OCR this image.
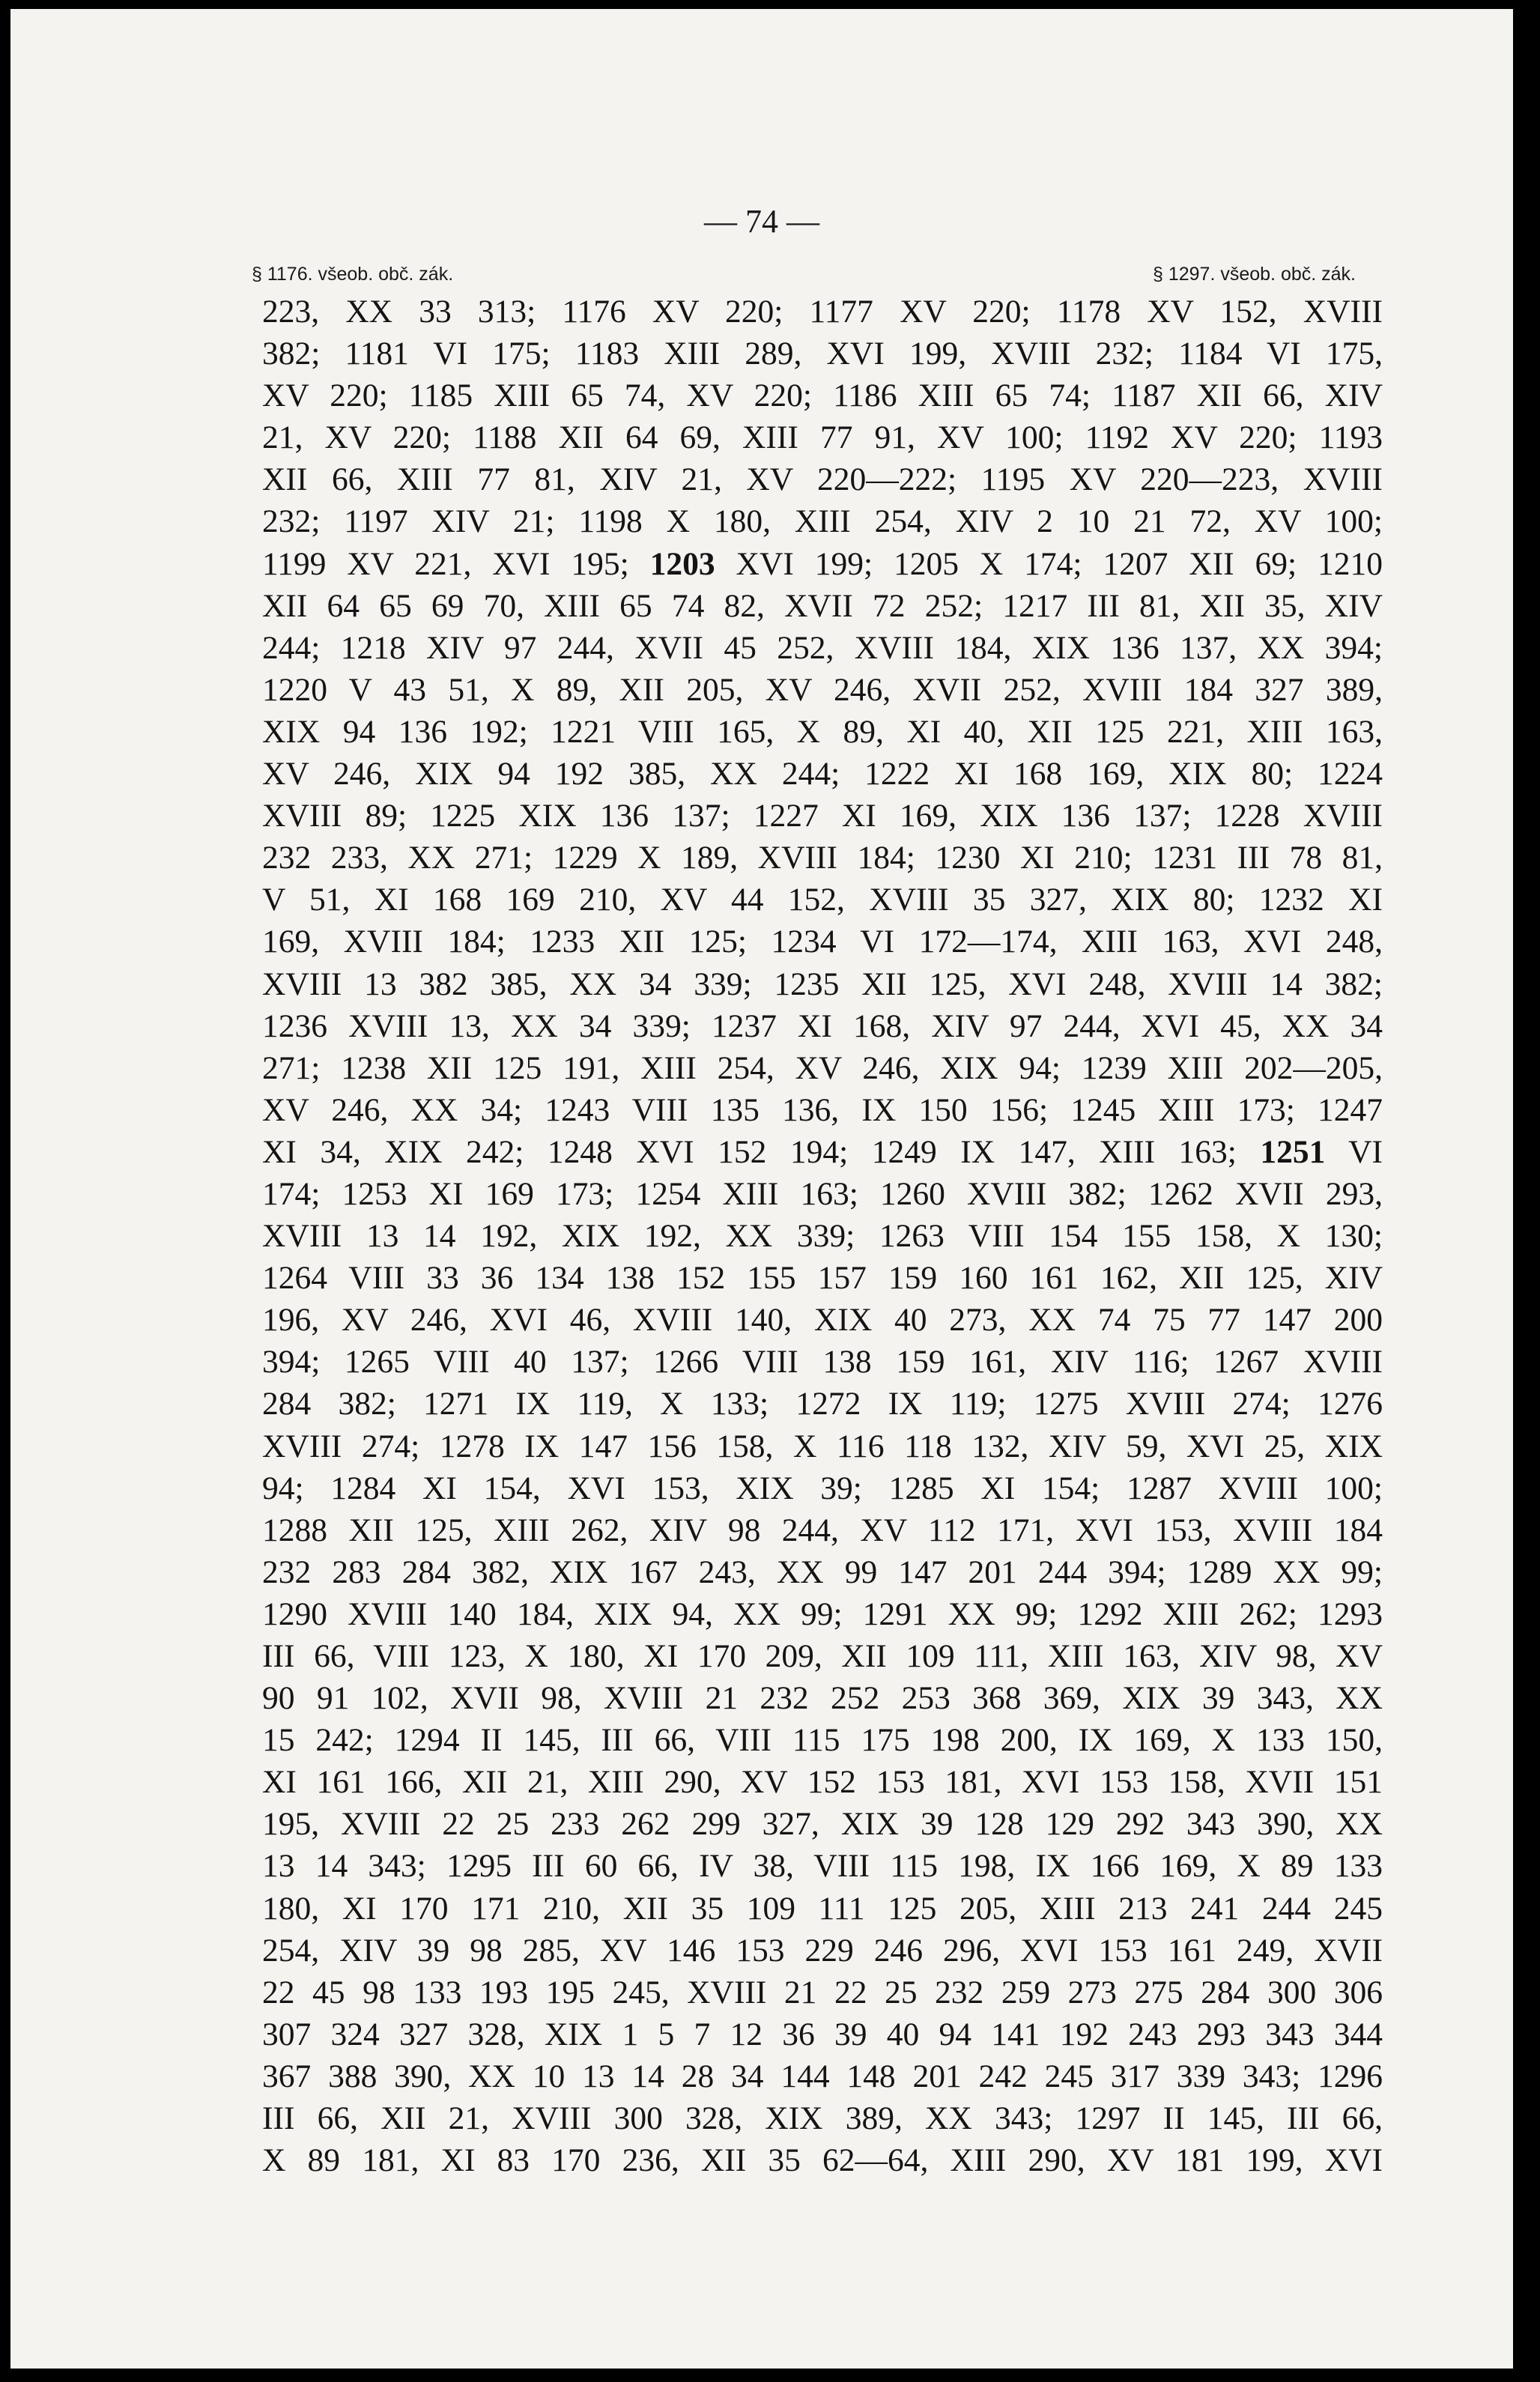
— 74 —
§ 1176. všeob. obč. zák.	§ 1297. všeob. obč. zák.
223, XX 33 313; 1176 XV 220; 1177 XV 220; 1178 XV 152, XVIII
382; 1181 VI 175; 1183 XIII 289, XVI 199, XVIII 232; 1184 VI 175,
XV 220; 1185 XIII 65 74, XV 220; 1186 XIII 65 74; 1187 XII 66, XIV
21, XV 220; 1188 XII 64 69, XIII 77 91, XV 100; 1192 XV 220; 1193
XII 66, XIII 77 81, XIV 21, XV 220—222; 1195 XV 220—223, XVIII
232; 1197 XIV 21; 1198 X 180, XIII 254, XIV 2 10 21 72, XV 100;
1199 XV 221, XVI 195; 1203 XVI 199; 1205 X 174; 1207 XII 69; 1210
XII 64 65 69 70, XIII 65 74 82, XVII 72 252; 1217 III 81, XII 35, XIV
244; 1218 XIV 97 244, XVII 45 252, XVIII 184, XIX 136 137, XX 394;
1220 V 43 51, X 89, XII 205, XV 246, XVII 252, XVIII 184 327 389,
XIX 94 136 192; 1221 VIII 165, X 89, XI 40, XII 125 221, XIII 163,
XV 246, XIX 94 192 385, XX 244; 1222 XI 168 169, XIX 80; 1224
XVIII 89; 1225 XIX 136 137; 1227 XI 169, XIX 136 137; 1228 XVIII
232 233, XX 271; 1229 X 189, XVIII 184; 1230 XI 210; 1231 III 78 81,
V 51, XI 168 169 210, XV 44 152, XVIII 35 327, XIX 80; 1232 XI
169, XVIII 184; 1233 XII 125; 1234 VI 172—174, XIII 163, XVI 248,
XVIII 13 382 385, XX 34 339; 1235 XII 125, XVI 248, XVIII 14 382;
1236 XVIII 13, XX 34 339; 1237 XI 168, XIV 97 244, XVI 45, XX 34
271; 1238 XII 125 191, XIII 254, XV 246, XIX 94; 1239 XIII 202—205,
XV 246, XX 34; 1243 VIII 135 136, IX 150 156; 1245 XIII 173; 1247
XI 34, XIX 242; 1248 XVI 152 194; 1249 IX 147, XIII 163; 1251 VI
174; 1253 XI 169 173; 1254 XIII 163; 1260 XVIII 382; 1262 XVII 293,
XVIII 13 14 192, XIX 192, XX 339; 1263 VIII 154 155 158, X 130;
1264 VIII 33 36 134 138 152 155 157 159 160 161 162, XII 125, XIV
196, XV 246, XVI 46, XVIII 140, XIX 40 273, XX 74 75 77 147 200
394; 1265 VIII 40 137; 1266 VIII 138 159 161, XIV 116; 1267 XVIII
284 382; 1271 IX 119, X 133; 1272 IX 119; 1275 XVIII 274; 1276
XVIII 274; 1278 IX 147 156 158, X 116 118 132, XIV 59, XVI 25, XIX
94; 1284 XI 154, XVI 153, XIX 39; 1285 XI 154; 1287 XVIII 100;
1288 XII 125, XIII 262, XIV 98 244, XV 112 171, XVI 153, XVIII 184
232 283 284 382, XIX 167 243, XX 99 147 201 244 394; 1289 XX 99;
1290 XVIII 140 184, XIX 94, XX 99; 1291 XX 99; 1292 XIII 262; 1293
III 66, VIII 123, X 180, XI 170 209, XII 109 111, XIII 163, XIV 98, XV
90 91 102, XVII 98, XVIII 21 232 252 253 368 369, XIX 39 343, XX
15 242; 1294 II 145, III 66, VIII 115 175 198 200, IX 169, X 133 150,
XI 161 166, XII 21, XIII 290, XV 152 153 181, XVI 153 158, XVII 151
195, XVIII 22 25 233 262 299 327, XIX 39 128 129 292 343 390, XX
13 14 343; 1295 III 60 66, IV 38, VIII 115 198, IX 166 169, X 89 133
180, XI 170 171 210, XII 35 109 111 125 205, XIII 213 241 244 245
254, XIV 39 98 285, XV 146 153 229 246 296, XVI 153 161 249, XVII
22 45 98 133 193 195 245, XVIII 21 22 25 232 259 273 275 284 300 306
307 324 327 328, XIX 1 5 7 12 36 39 40 94 141 192 243 293 343 344
367 388 390, XX 10 13 14 28 34 144 148 201 242 245 317 339 343; 1296
III 66, XII 21, XVIII 300 328, XIX 389, XX 343; 1297 II 145, III 66,
X 89 181, XI 83 170 236, XII 35 62—64, XIII 290, XV 181 199, XVI
